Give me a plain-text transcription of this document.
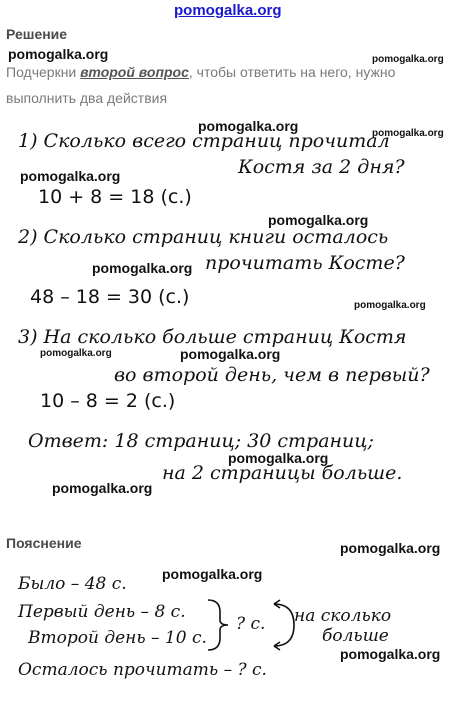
pomogalka.org
Решение
pomogalka.org	pomogalka.org
Подчеркни второй вопрос, чтобы ответить на него, нужно
выполнить два действия
pomogalka.org	pomogalka.org
1) Сколько всего страниц прочитал
Костя за 2 дня?
pomogalka.org
10 + 8 = 18 (с.)
pomogalka.org
2) Сколько страниц книги осталось
pomogalka.org прочитать Косте?
48 – 18 = 30 (с.)	pomogalka.org
3) На сколько больше страниц Костя
pomogalka.org	pomogalka.org
во второй день, чем в первый?
10 – 8 = 2 (с.)
Ответ: 18 страниц; 30 страниц;
pomogalka.org
на 2 страницы больше.
pomogalka.org
Пояснение	pomogalka.org
pomogalka.org
Было – 48 с.
Первый день – 8 с.
Второй день – 10 с.
? с. на сколько
больше
pomogalka.org
Осталось прочитать – ? с.
